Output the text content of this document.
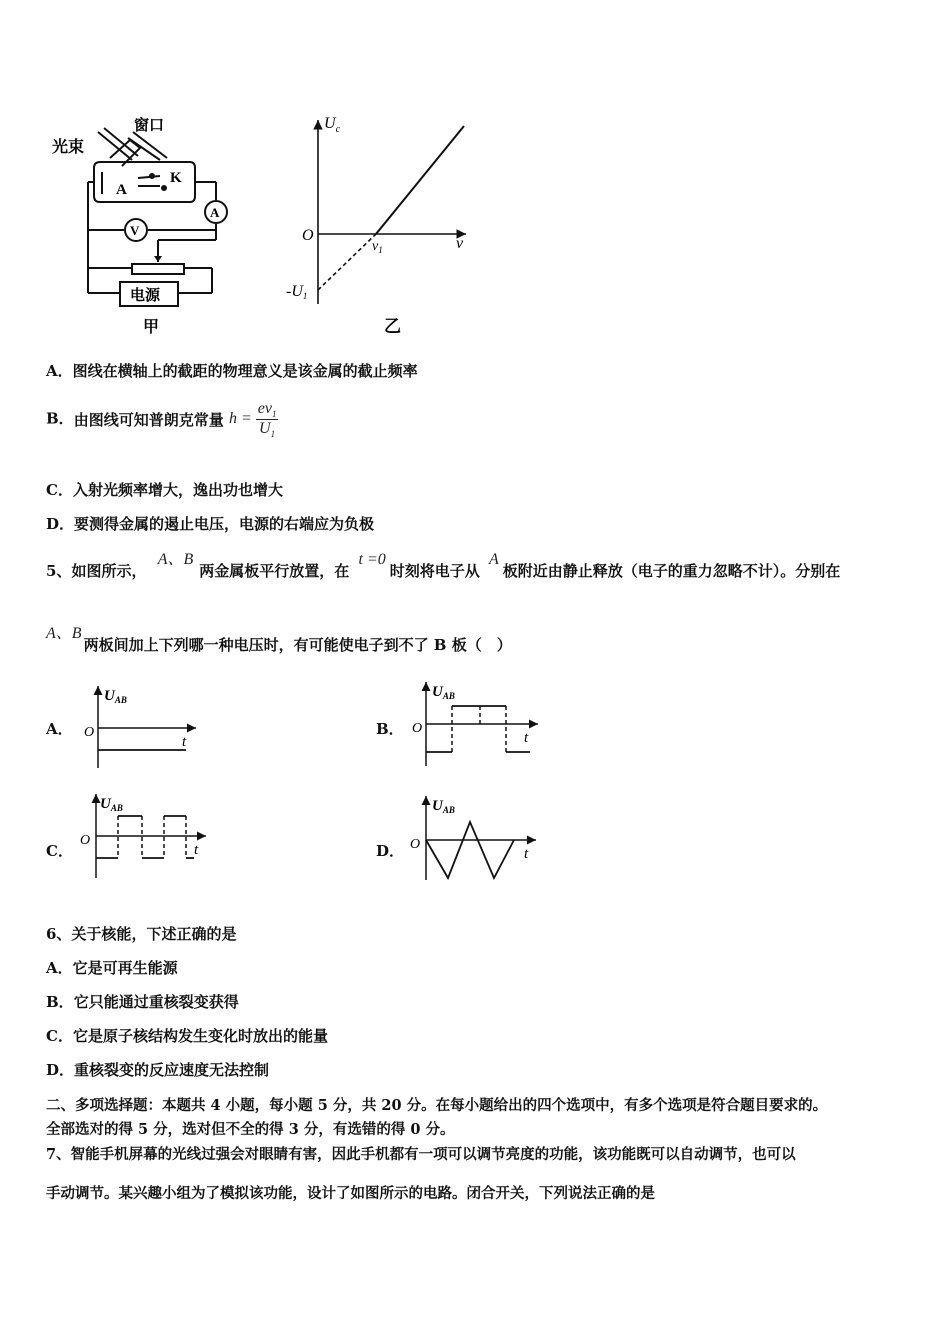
光束
窗口
A
K
V
A
电源
甲
$U_c$
O	ν
$\nu_1$
-U1
乙
A．图线在横轴上的截距的物理意义是该金属的截止频率
B．由图线可知普朗克常量 $h = \frac{e\nu_1}{U_1}$
C．入射光频率增大，逸出功也增大
D．要测得金属的遏止电压，电源的右端应为负极
5、如图所示， A、B两金属板平行放置，在 t =0时刻将电子从 A板附近由静止释放（电子的重力忽略不计）。分别在
A、B两板间加上下列哪一种电压时，有可能使电子到不了 B 板（　）
A．
$U_{AB}$
O
t
B．
$U_{AB}$
O
t
C．
$U_{AB}$
O
t	D．
$U_{AB}$
O
t
6、关于核能，下述正确的是
A．它是可再生能源
B．它只能通过重核裂变获得
C．它是原子核结构发生变化时放出的能量
D．重核裂变的反应速度无法控制
二、多项选择题：本题共 4 小题，每小题 5 分，共 20 分。在每小题给出的四个选项中，有多个选项是符合题目要求的。
全部选对的得 5 分，选对但不全的得 3 分，有选错的得 0 分。
7、智能手机屏幕的光线过强会对眼睛有害，因此手机都有一项可以调节亮度的功能，该功能既可以自动调节，也可以
手动调节。某兴趣小组为了模拟该功能，设计了如图所示的电路。闭合开关，下列说法正确的是
